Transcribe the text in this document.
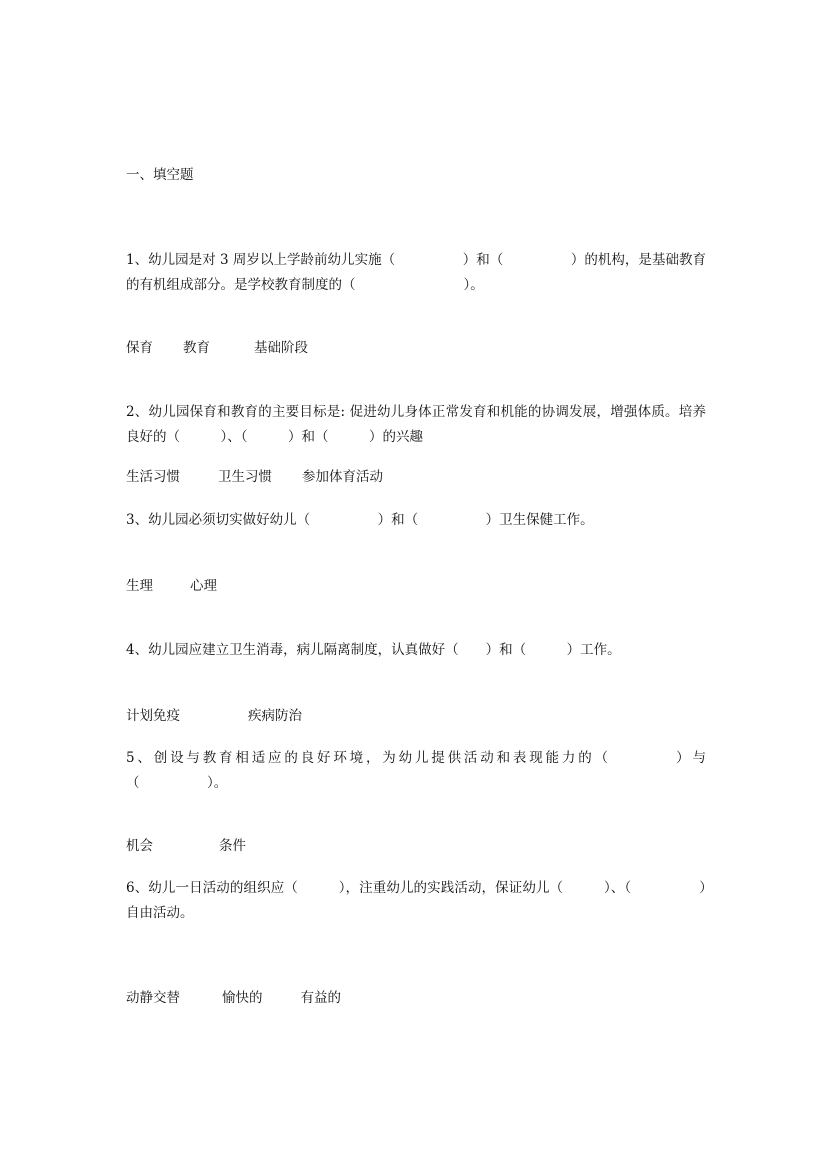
一、填空题
1、幼儿园是对 3 周岁以上学龄前幼儿实施（　　　　　）和（　　　　　）的机构，是基础教育的有机组成部分。是学校教育制度的（　　　　　　　　）。
保育 教育	基础阶段
2、幼儿园保育和教育的主要目标是: 促进幼儿身体正常发育和机能的协调发展，增强体质。培养良好的（　　　）、（　　　）和（　　　）的兴趣
生活习惯	卫生习惯 参加体育活动
3、幼儿园必须切实做好幼儿（　　　　　）和（　　　　　）卫生保健工作。
生理	心理
4、幼儿园应建立卫生消毒，病儿隔离制度，认真做好（　　）和（　　　）工作。
计划免疫	疾病防治
5、创设与教育相适应的良好环境，为幼儿提供活动和表现能力的（　　　　）与（　　　　　）。
机会	条件
6、幼儿一日活动的组织应（　　　），注重幼儿的实践活动，保证幼儿（　　　）、（　　　　　）自由活动。
动静交替	愉快的	有益的
